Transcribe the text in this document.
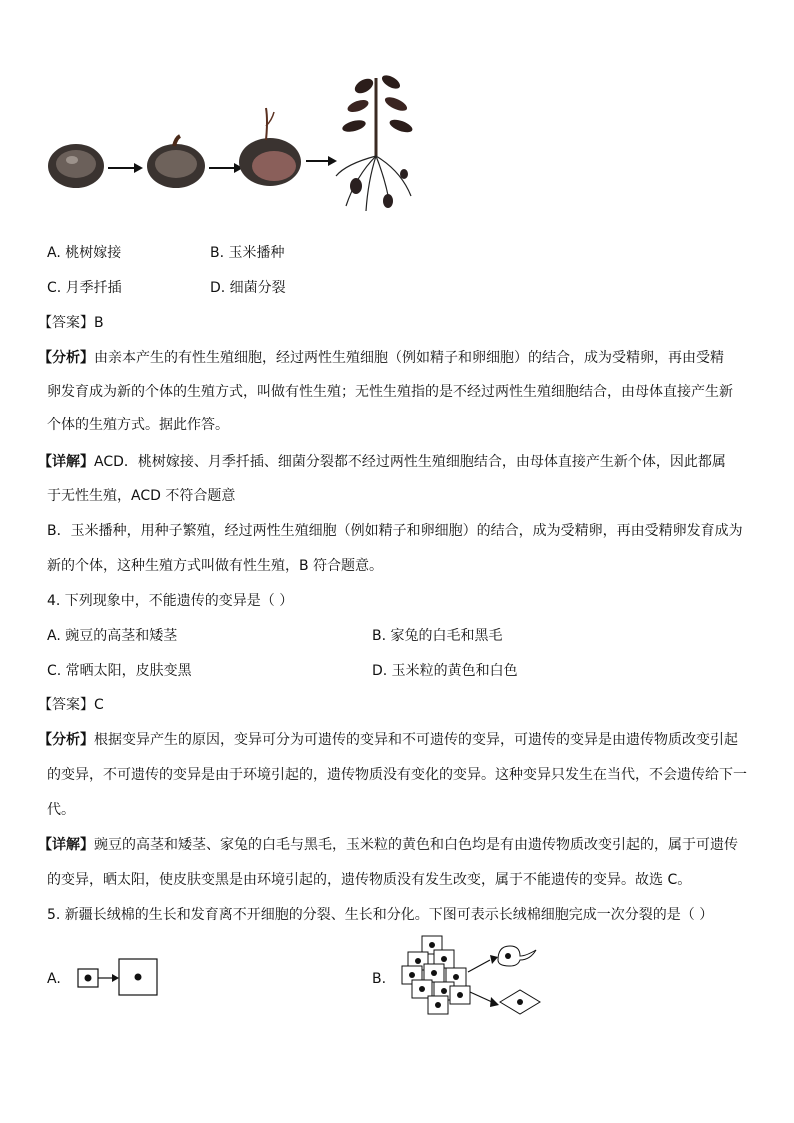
A. 桃树嫁接	B. 玉米播种
C. 月季扦插	D. 细菌分裂
【答案】B
【分析】由亲本产生的有性生殖细胞，经过两性生殖细胞（例如精子和卵细胞）的结合，成为受精卵，再由受精
卵发育成为新的个体的生殖方式，叫做有性生殖；无性生殖指的是不经过两性生殖细胞结合，由母体直接产生新
个体的生殖方式。据此作答。
【详解】ACD．桃树嫁接、月季扦插、细菌分裂都不经过两性生殖细胞结合，由母体直接产生新个体，因此都属
于无性生殖，ACD 不符合题意
B．玉米播种，用种子繁殖，经过两性生殖细胞（例如精子和卵细胞）的结合，成为受精卵，再由受精卵发育成为
新的个体，这种生殖方式叫做有性生殖，B 符合题意。
4. 下列现象中，不能遗传的变异是（ ）
A. 豌豆的高茎和矮茎	B. 家兔的白毛和黑毛
C. 常晒太阳，皮肤变黑	D. 玉米粒的黄色和白色
【答案】C
【分析】根据变异产生的原因，变异可分为可遗传的变异和不可遗传的变异，可遗传的变异是由遗传物质改变引起
的变异，不可遗传的变异是由于环境引起的，遗传物质没有变化的变异。这种变异只发生在当代，不会遗传给下一
代。
【详解】豌豆的高茎和矮茎、家兔的白毛与黑毛，玉米粒的黄色和白色均是有由遗传物质改变引起的，属于可遗传
的变异，晒太阳，使皮肤变黑是由环境引起的，遗传物质没有发生改变，属于不能遗传的变异。故选 C。
5. 新疆长绒棉的生长和发育离不开细胞的分裂、生长和分化。下图可表示长绒棉细胞完成一次分裂的是（ ）
A.	B.
